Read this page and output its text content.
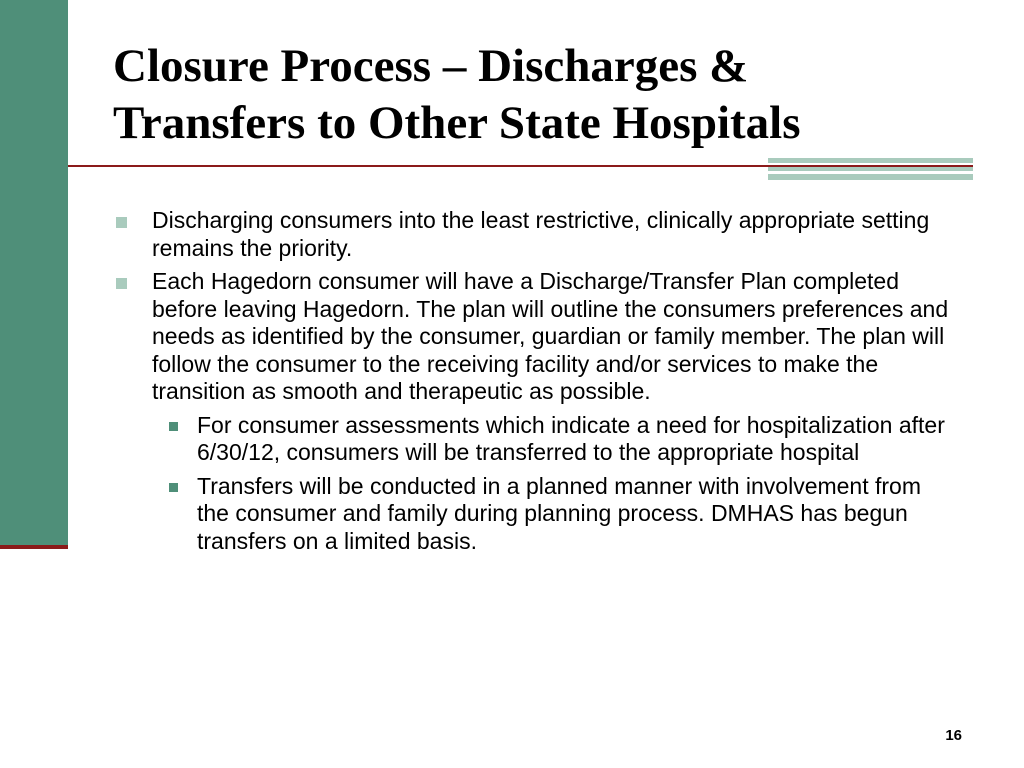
Closure Process – Discharges &
Transfers to Other State Hospitals
Discharging consumers into the least restrictive, clinically appropriate setting remains the priority.
Each Hagedorn consumer will have a Discharge/Transfer Plan completed before leaving Hagedorn. The plan will outline the consumers preferences and needs as identified by the consumer, guardian or family member. The plan will follow the consumer to the receiving facility and/or services to make the transition as smooth and therapeutic as possible.
For consumer assessments which indicate a need for hospitalization after 6/30/12, consumers will be transferred to the appropriate hospital
Transfers will be conducted in a planned manner with involvement from the consumer and family during planning process. DMHAS has begun transfers on a limited basis.
16
